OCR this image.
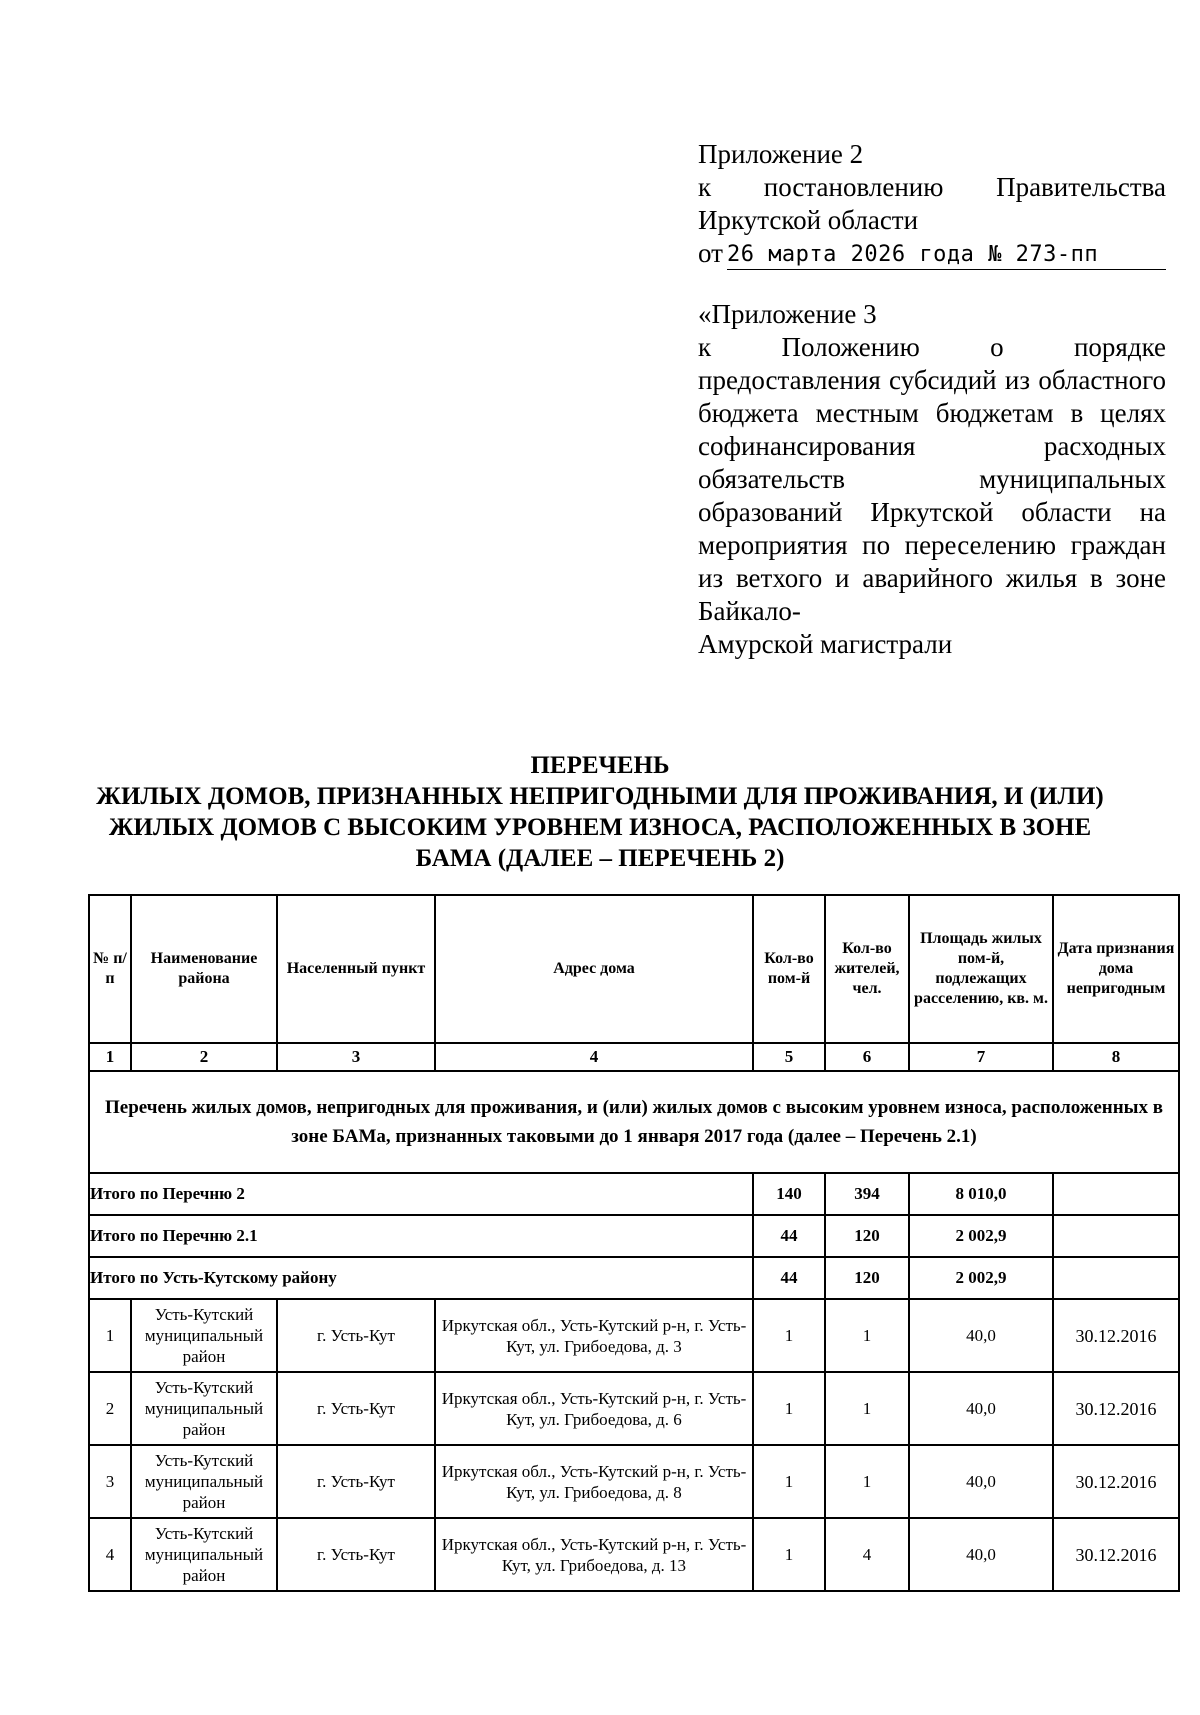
Приложение 2
к постановлению Правительства
Иркутской области
от 26 марта 2026 года № 273-пп
«Приложение 3
к Положению о порядке
предоставления субсидий из областного бюджета местным бюджетам в целях софинансирования расходных обязательств муниципальных образований Иркутской области на мероприятия по переселению граждан из ветхого и аварийного жилья в зоне Байкало-
Амурской магистрали
ПЕРЕЧЕНЬ
ЖИЛЫХ ДОМОВ, ПРИЗНАННЫХ НЕПРИГОДНЫМИ ДЛЯ ПРОЖИВАНИЯ, И (ИЛИ)
ЖИЛЫХ ДОМОВ С ВЫСОКИМ УРОВНЕМ ИЗНОСА, РАСПОЛОЖЕННЫХ В ЗОНЕ
БАМА (ДАЛЕЕ – ПЕРЕЧЕНЬ 2)
№ п/п	Наименование района	Населенный пункт	Адрес дома	Кол-во пом-й	Кол-во жителей, чел.	Площадь жилых пом-й, подлежащих расселению, кв. м.	Дата признания дома непригодным
1	2	3	4	5	6	7	8
Перечень жилых домов, непригодных для проживания, и (или) жилых домов с высоким уровнем износа, расположенных в зоне БАМа, признанных таковыми до 1 января 2017 года (далее – Перечень 2.1)							
Итого по Перечню 2				140	394	8 010,0	
Итого по Перечню 2.1				44	120	2 002,9	
Итого по Усть-Кутскому району				44	120	2 002,9	
1	Усть-Кутский муниципальный район	г. Усть-Кут	Иркутская обл., Усть-Кутский р-н, г. Усть-Кут, ул. Грибоедова, д. 3	1	1	40,0	30.12.2016
2	Усть-Кутский муниципальный район	г. Усть-Кут	Иркутская обл., Усть-Кутский р-н, г. Усть-Кут, ул. Грибоедова, д. 6	1	1	40,0	30.12.2016
3	Усть-Кутский муниципальный район	г. Усть-Кут	Иркутская обл., Усть-Кутский р-н, г. Усть-Кут, ул. Грибоедова, д. 8	1	1	40,0	30.12.2016
4	Усть-Кутский муниципальный район	г. Усть-Кут	Иркутская обл., Усть-Кутский р-н, г. Усть-Кут, ул. Грибоедова, д. 13	1	4	40,0	30.12.2016
